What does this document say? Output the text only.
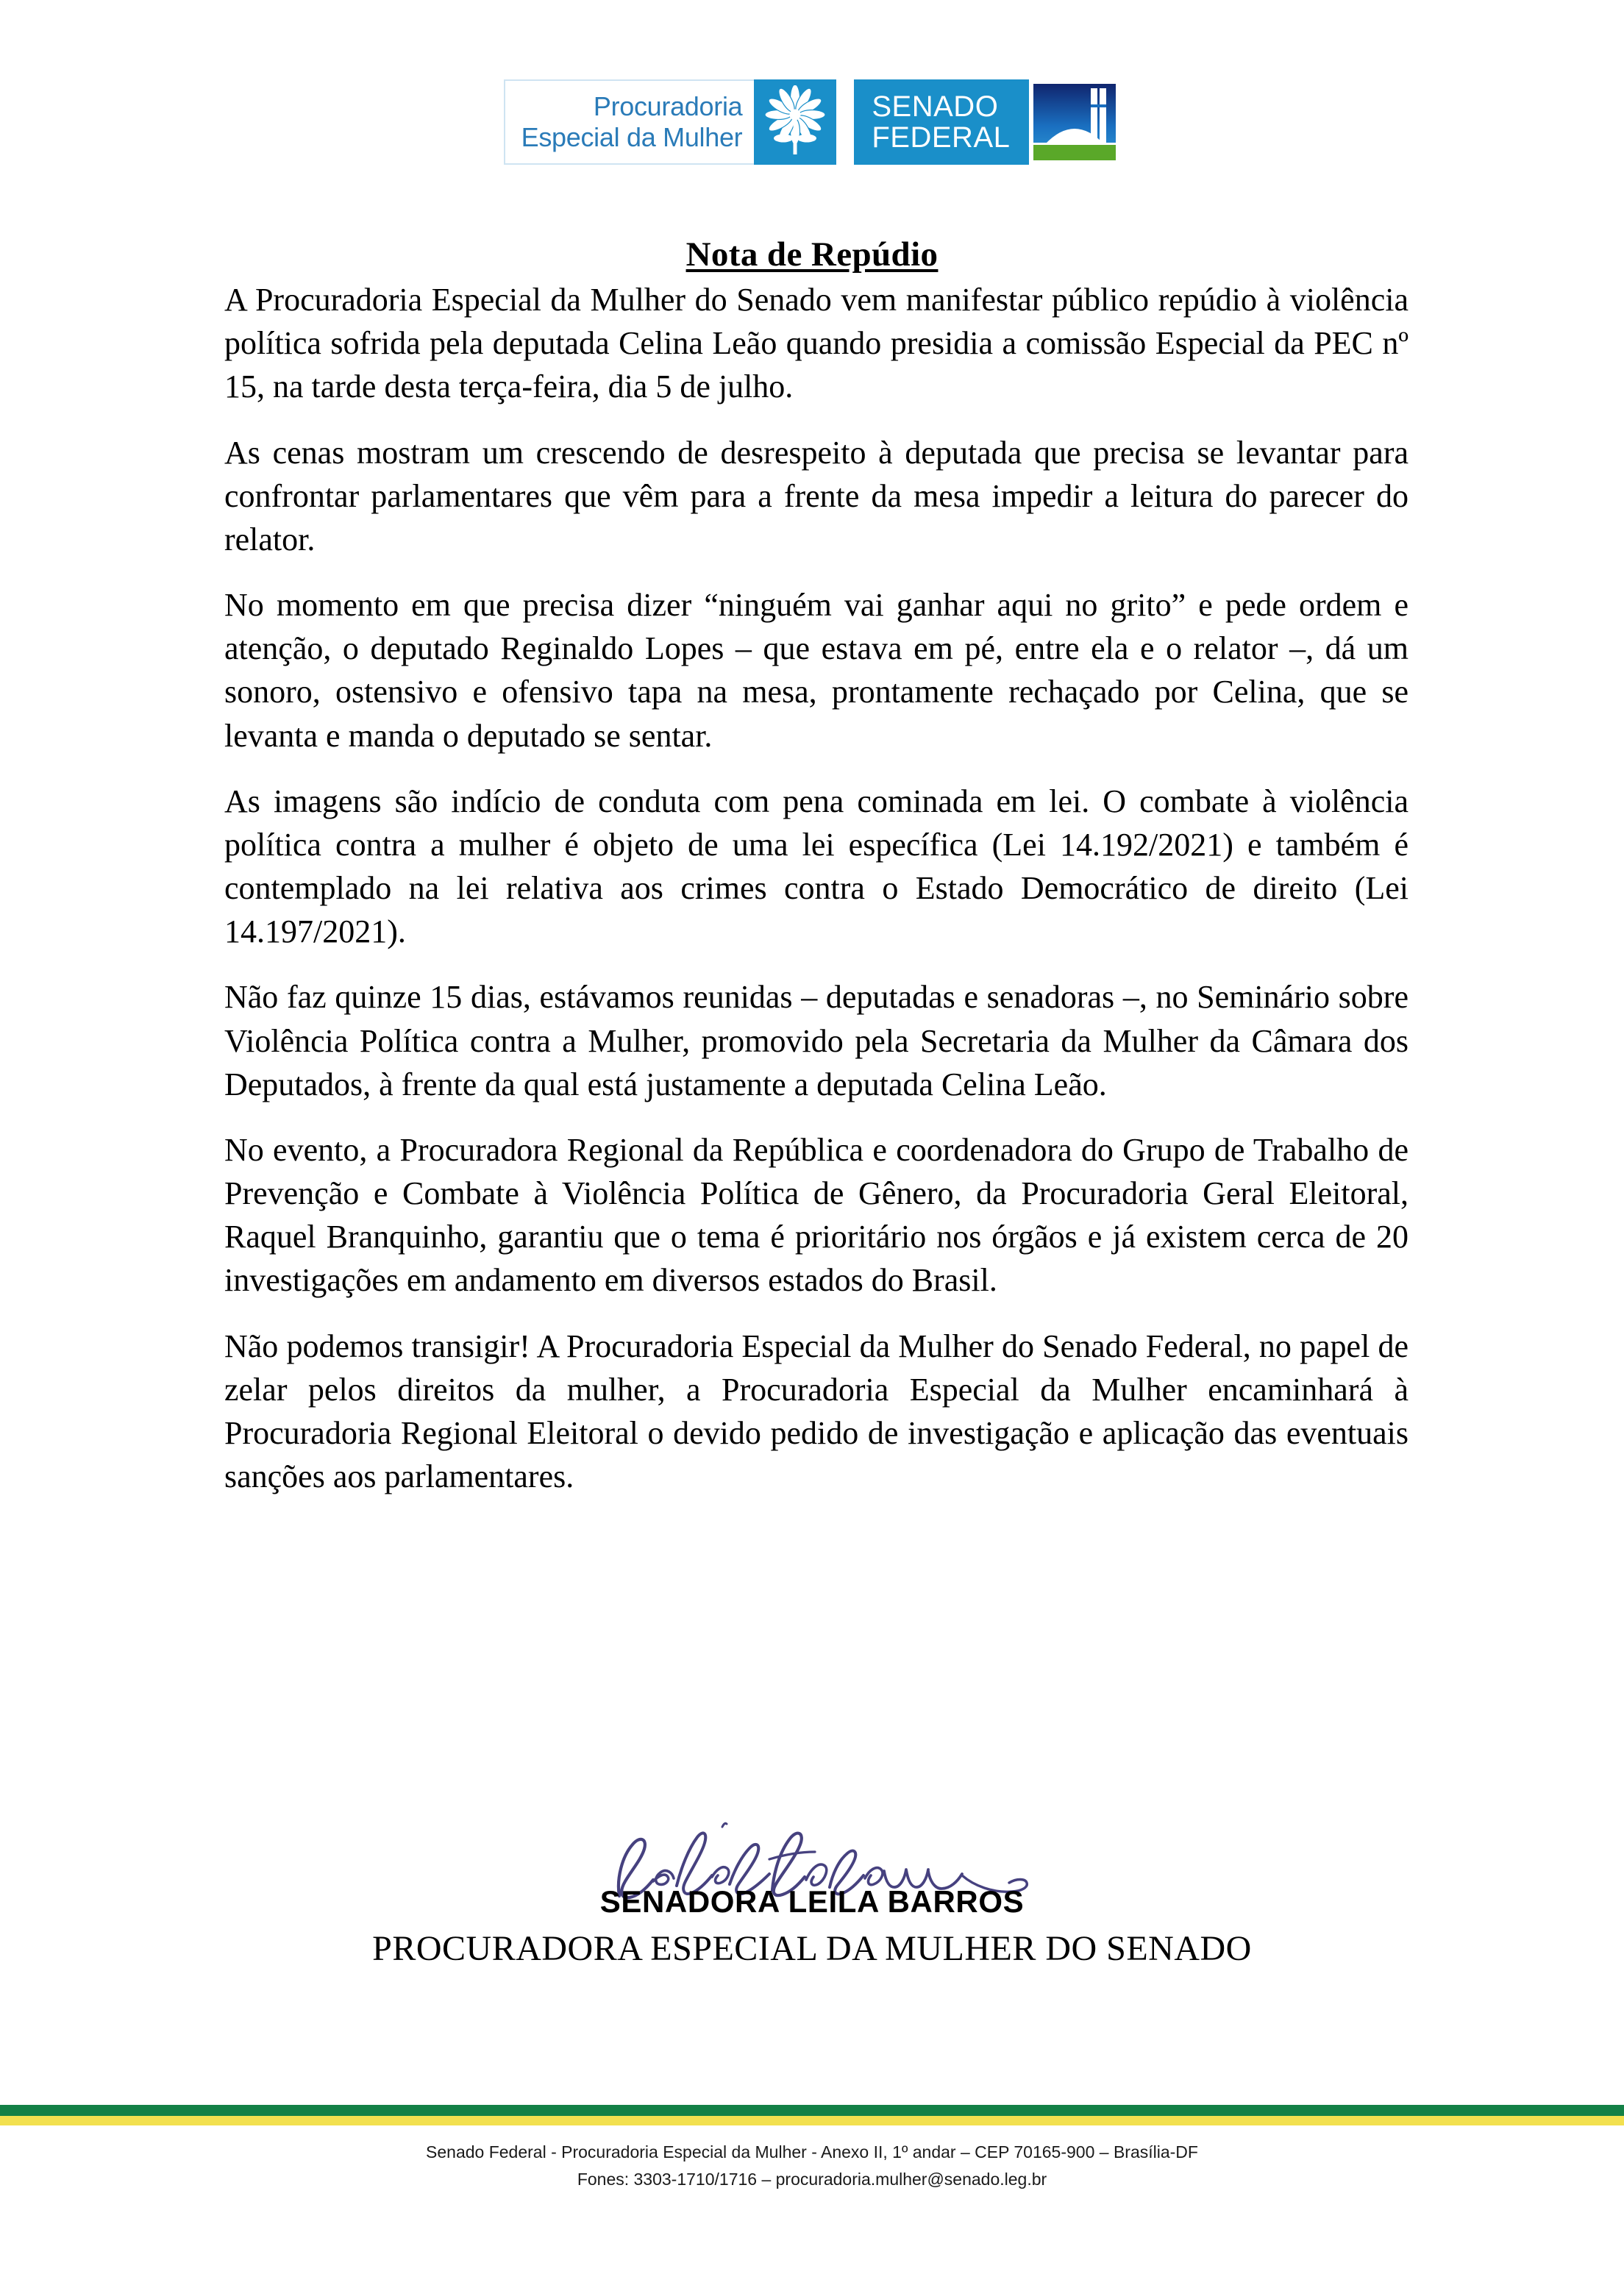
Procuradoria
Especial da Mulher
SENADO
FEDERAL
Nota de Repúdio

A Procuradoria Especial da Mulher do Senado vem manifestar público repúdio à violência política sofrida pela deputada Celina Leão quando presidia a comissão Especial da PEC nº 15, na tarde desta terça-feira, dia 5 de julho.

As cenas mostram um crescendo de desrespeito à deputada que precisa se levantar para confrontar parlamentares que vêm para a frente da mesa impedir a leitura do parecer do relator.

No momento em que precisa dizer “ninguém vai ganhar aqui no grito” e pede ordem e atenção, o deputado Reginaldo Lopes – que estava em pé, entre ela e o relator –, dá um sonoro, ostensivo e ofensivo tapa na mesa, prontamente rechaçado por Celina, que se levanta e manda o deputado se sentar.

As imagens são indício de conduta com pena cominada em lei. O combate à violência política contra a mulher é objeto de uma lei específica (Lei 14.192/2021) e também é contemplado na lei relativa aos crimes contra o Estado Democrático de direito (Lei 14.197/2021).

Não faz quinze 15 dias, estávamos reunidas – deputadas e senadoras –, no Seminário sobre Violência Política contra a Mulher, promovido pela Secretaria da Mulher da Câmara dos Deputados, à frente da qual está justamente a deputada Celina Leão.

No evento, a Procuradora Regional da República e coordenadora do Grupo de Trabalho de Prevenção e Combate à Violência Política de Gênero, da Procuradoria Geral Eleitoral, Raquel Branquinho, garantiu que o tema é prioritário nos órgãos e já existem cerca de 20 investigações em andamento em diversos estados do Brasil.

Não podemos transigir! A Procuradoria Especial da Mulher do Senado Federal, no papel de zelar pelos direitos da mulher, a Procuradoria Especial da Mulher encaminhará à Procuradoria Regional Eleitoral o devido pedido de investigação e aplicação das eventuais sanções aos parlamentares.

SENADORA LEILA BARROS
PROCURADORA ESPECIAL DA MULHER DO SENADO
Senado Federal - Procuradoria Especial da Mulher - Anexo II, 1º andar – CEP 70165-900 – Brasília-DF
Fones: 3303-1710/1716 – procuradoria.mulher@senado.leg.br
